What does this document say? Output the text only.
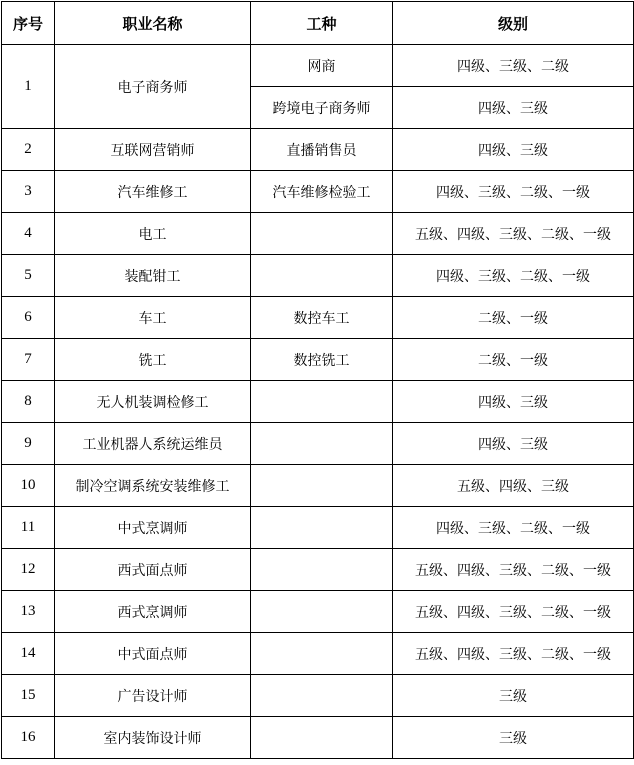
序号	职业名称	工种	级别
1	电子商务师	网商	四级、三级、二级
		跨境电子商务师	四级、三级
2	互联网营销师	直播销售员	四级、三级
3	汽车维修工	汽车维修检验工	四级、三级、二级、一级
4	电工		五级、四级、三级、二级、一级
5	装配钳工		四级、三级、二级、一级
6	车工	数控车工	二级、一级
7	铣工	数控铣工	二级、一级
8	无人机装调检修工		四级、三级
9	工业机器人系统运维员		四级、三级
10	制冷空调系统安装维修工		五级、四级、三级
11	中式烹调师		四级、三级、二级、一级
12	西式面点师		五级、四级、三级、二级、一级
13	西式烹调师		五级、四级、三级、二级、一级
14	中式面点师		五级、四级、三级、二级、一级
15	广告设计师		三级
16	室内装饰设计师		三级
